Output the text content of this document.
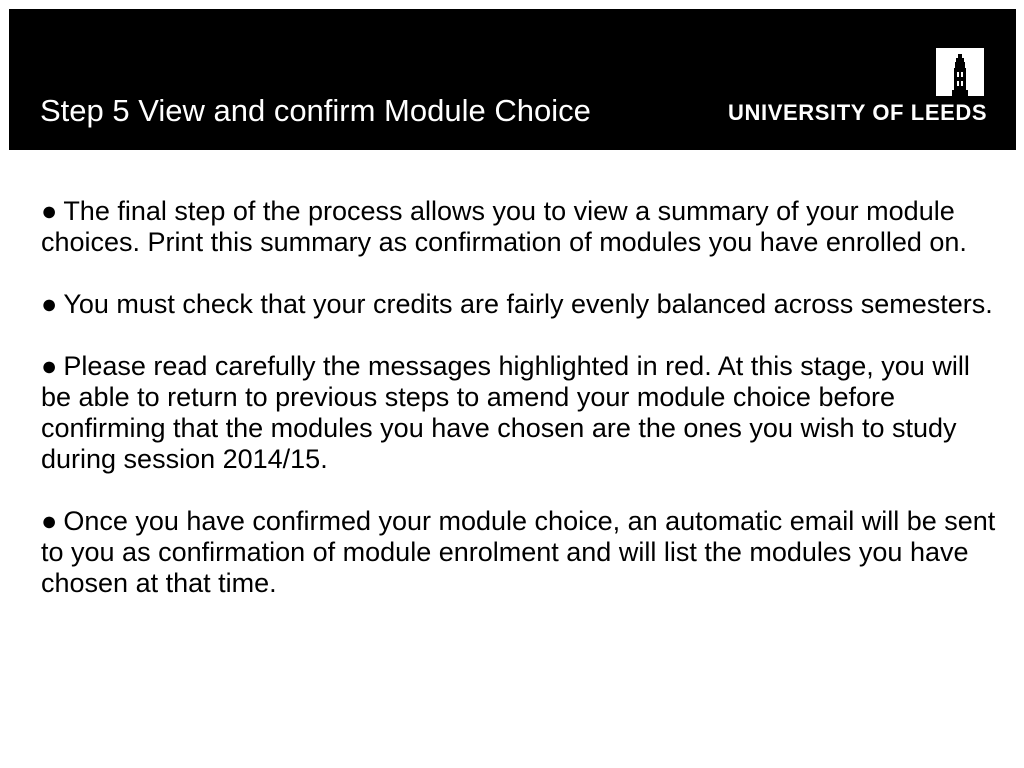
Step 5 View and confirm Module Choice	UNIVERSITY OF LEEDS

● The final step of the process allows you to view a summary of your module choices. Print this summary as confirmation of modules you have enrolled on.

● You must check that your credits are fairly evenly balanced across semesters.

● Please read carefully the messages highlighted in red. At this stage, you will be able to return to previous steps to amend your module choice before confirming that the modules you have chosen are the ones you wish to study during session 2014/15.

● Once you have confirmed your module choice, an automatic email will be sent to you as confirmation of module enrolment and will list the modules you have chosen at that time.
